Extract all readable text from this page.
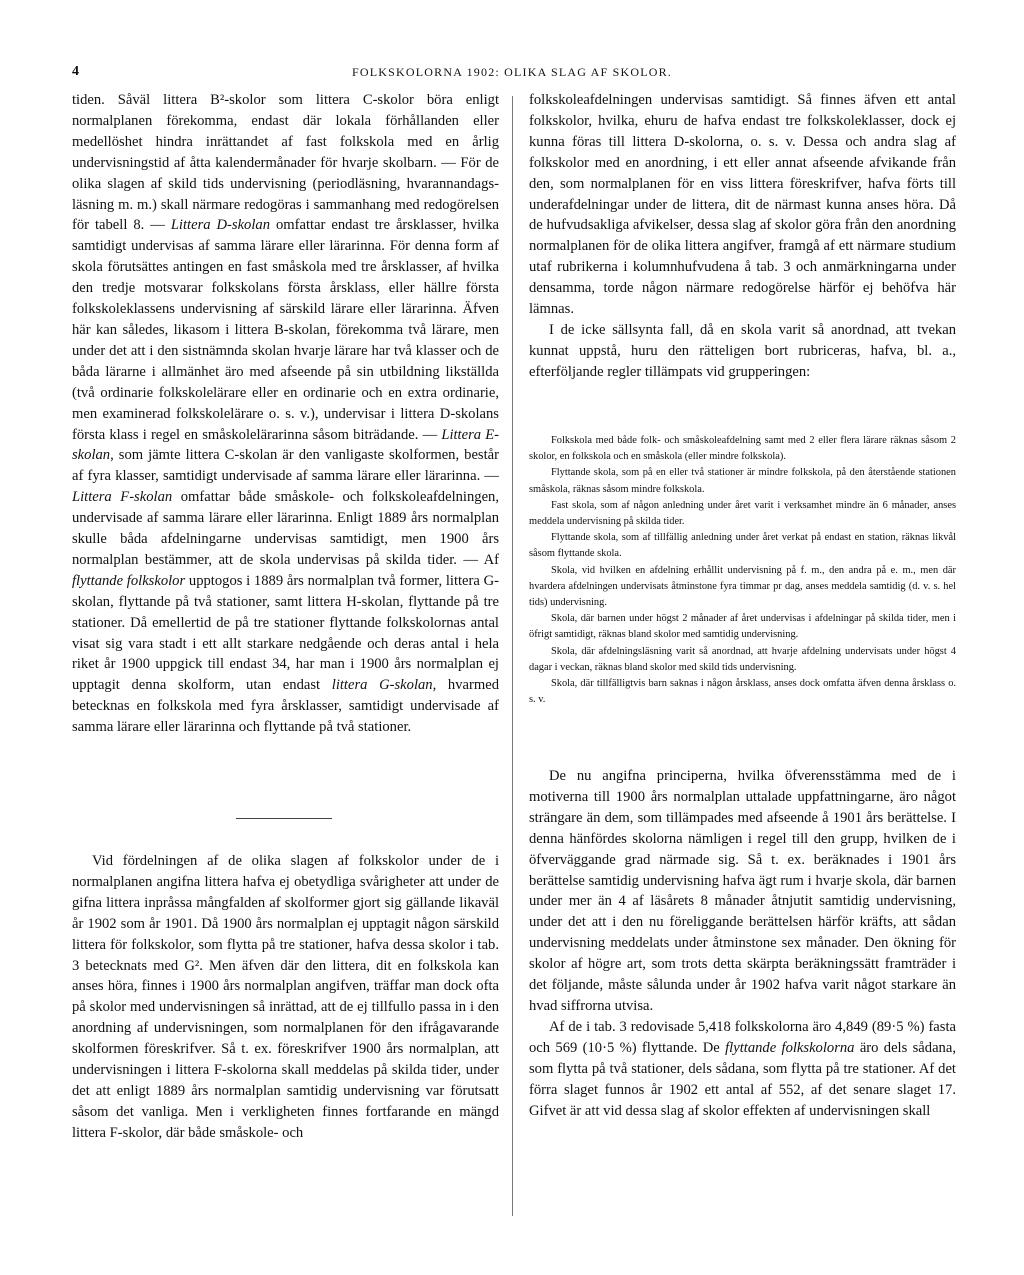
4	FOLKSKOLORNA 1902: OLIKA SLAG AF SKOLOR.

tiden. Såväl littera B²-skolor som littera C-skolor böra enligt normalplanen förekomma, endast där lokala förhållanden eller medellöshet hindra inrättandet af fast folkskola med en årlig undervisningstid af åtta kalendermånader för hvarje skolbarn. — För de olika slagen af skild tids undervisning (periodläsning, hvarannandags-läsning m. m.) skall närmare redogöras i sammanhang med redogörelsen för tabell 8. — Littera D-skolan omfattar endast tre årsklasser, hvilka samtidigt undervisas af samma lärare eller lärarinna. För denna form af skola förutsättes antingen en fast småskola med tre årsklasser, af hvilka den tredje motsvarar folkskolans första årsklass, eller hällre första folkskoleklassens undervisning af särskild lärare eller lärarinna. Äfven här kan således, likasom i littera B-skolan, förekomma två lärare, men under det att i den sistnämnda skolan hvarje lärare har två klasser och de båda lärarne i allmänhet äro med afseende på sin utbildning likställda (två ordinarie folkskolelärare eller en ordinarie och en extra ordinarie, men examinerad folkskolelärare o. s. v.), undervisar i littera D-skolans första klass i regel en småskolelärarinna såsom biträdande. — Littera E-skolan, som jämte littera C-skolan är den vanligaste skolformen, består af fyra klasser, samtidigt undervisade af samma lärare eller lärarinna. — Littera F-skolan omfattar både småskole- och folkskoleafdelningen, undervisade af samma lärare eller lärarinna. Enligt 1889 års normalplan skulle båda afdelningarne undervisas samtidigt, men 1900 års normalplan bestämmer, att de skola undervisas på skilda tider. — Af flyttande folkskolor upptogos i 1889 års normalplan två former, littera G-skolan, flyttande på två stationer, samt littera H-skolan, flyttande på tre stationer. Då emellertid de på tre stationer flyttande folkskolornas antal visat sig vara stadt i ett allt starkare nedgående och deras antal i hela riket år 1900 uppgick till endast 34, har man i 1900 års normalplan ej upptagit denna skolform, utan endast littera G-skolan, hvarmed betecknas en folkskola med fyra årsklasser, samtidigt undervisade af samma lärare eller lärarinna och flyttande på två stationer.

Vid fördelningen af de olika slagen af folkskolor under de i normalplanen angifna littera hafva ej obetydliga svårigheter att under de gifna littera inpråssa mångfalden af skolformer gjort sig gällande likaväl år 1902 som år 1901. Då 1900 års normalplan ej upptagit någon särskild littera för folkskolor, som flytta på tre stationer, hafva dessa skolor i tab. 3 betecknats med G². Men äfven där den littera, dit en folkskola kan anses höra, finnes i 1900 års normalplan angifven, träffar man dock ofta på skolor med undervisningen så inrättad, att de ej tillfullo passa in i den anordning af undervisningen, som normalplanen för den ifrågavarande skolformen föreskrifver. Så t. ex. föreskrifver 1900 års normalplan, att undervisningen i littera F-skolorna skall meddelas på skilda tider, under det att enligt 1889 års normalplan samtidig undervisning var förutsatt såsom det vanliga. Men i verkligheten finnes fortfarande en mängd littera F-skolor, där både småskole- och

folkskoleafdelningen undervisas samtidigt. Så finnes äfven ett antal folkskolor, hvilka, ehuru de hafva endast tre folkskoleklasser, dock ej kunna föras till littera D-skolorna, o. s. v. Dessa och andra slag af folkskolor med en anordning, i ett eller annat afseende afvikande från den, som normalplanen för en viss littera föreskrifver, hafva förts till underafdelningar under de littera, dit de närmast kunna anses höra. Då de hufvudsakliga afvikelser, dessa slag af skolor göra från den anordning normalplanen för de olika littera angifver, framgå af ett närmare studium utaf rubrikerna i kolumnhufvudena å tab. 3 och anmärkningarna under densamma, torde någon närmare redogörelse härför ej behöfva här lämnas.

I de icke sällsynta fall, då en skola varit så anordnad, att tvekan kunnat uppstå, huru den rätteligen bort rubriceras, hafva, bl. a., efterföljande regler tillämpats vid grupperingen:

Folkskola med både folk- och småskoleafdelning samt med 2 eller flera lärare räknas såsom 2 skolor, en folkskola och en småskola (eller mindre folkskola).

Flyttande skola, som på en eller två stationer är mindre folkskola, på den återstående stationen småskola, räknas såsom mindre folkskola.

Fast skola, som af någon anledning under året varit i verksamhet mindre än 6 månader, anses meddela undervisning på skilda tider.

Flyttande skola, som af tillfällig anledning under året verkat på endast en station, räknas likvål såsom flyttande skola.

Skola, vid hvilken en afdelning erhållit undervisning på f. m., den andra på e. m., men där hvardera afdelningen undervisats åtminstone fyra timmar pr dag, anses meddela samtidig (d. v. s. hel tids) undervisning.

Skola, där barnen under högst 2 månader af året undervisas i afdelningar på skilda tider, men i öfrigt samtidigt, räknas bland skolor med samtidig undervisning.

Skola, där afdelningsläsning varit så anordnad, att hvarje afdelning undervisats under högst 4 dagar i veckan, räknas bland skolor med skild tids undervisning.

Skola, där tillfälligtvis barn saknas i någon årsklass, anses dock omfatta äfven denna årsklass o. s. v.

De nu angifna principerna, hvilka öfverensstämma med de i motiverna till 1900 års normalplan uttalade uppfattningarne, äro något strängare än dem, som tillämpades med afseende å 1901 års berättelse. I denna hänfördes skolorna nämligen i regel till den grupp, hvilken de i öfverväggande grad närmade sig. Så t. ex. beräknades i 1901 års berättelse samtidig undervisning hafva ägt rum i hvarje skola, där barnen under mer än 4 af läsårets 8 månader åtnjutit samtidig undervisning, under det att i den nu föreliggande berättelsen härför kräfts, att sådan undervisning meddelats under åtminstone sex månader. Den ökning för skolor af högre art, som trots detta skärpta beräkningssätt framträder i det följande, måste sålunda under år 1902 hafva varit något starkare än hvad siffrorna utvisa.

Af de i tab. 3 redovisade 5,418 folkskolorna äro 4,849 (89·5 %) fasta och 569 (10·5 %) flyttande. De flyttande folkskolorna äro dels sådana, som flytta på två stationer, dels sådana, som flytta på tre stationer. Af det förra slaget funnos år 1902 ett antal af 552, af det senare slaget 17. Gifvet är att vid dessa slag af skolor effekten af undervisningen skall
